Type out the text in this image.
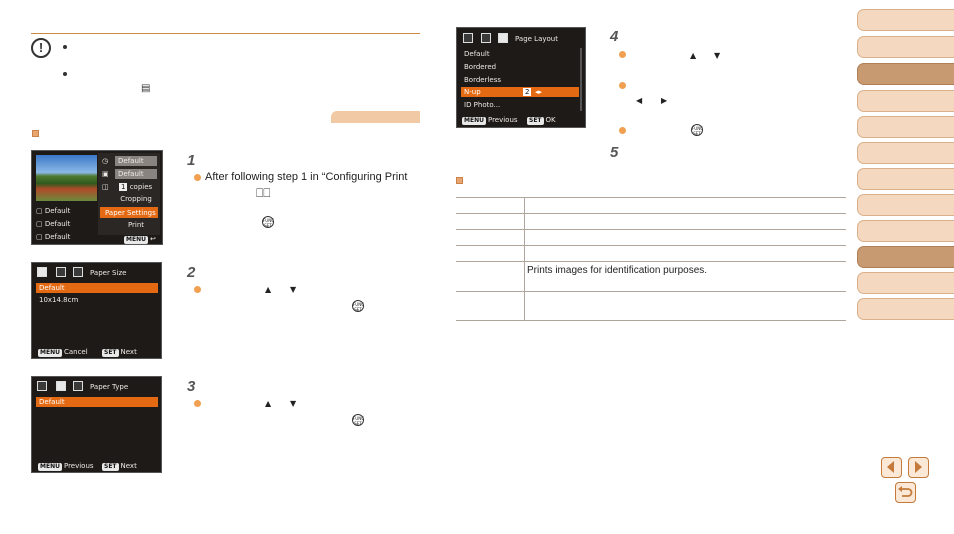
!
▤
▢ Default
▢ Default
▢ Default
◷ Default
▣ Default
◫ 1 copies
Cropping
Paper Settings
Print
MENU ↩
1
After following step 1 in “Configuring Print
⎕⎕
FUNC
SET
Paper Size
Default
10x14.8cm
MENU Cancel	SET Next
2
▲ ▼
FUNC
SET
Paper Type
Default
MENU Previous	SET Next
3
▲ ▼
FUNC
SET
Page Layout
Default
Bordered
Borderless
N-up	2 ◂▸
ID Photo...
MENU Previous	SET OK
4
▲ ▼
◀ ▶
FUNC
SET
5
Prints images for identification purposes.
